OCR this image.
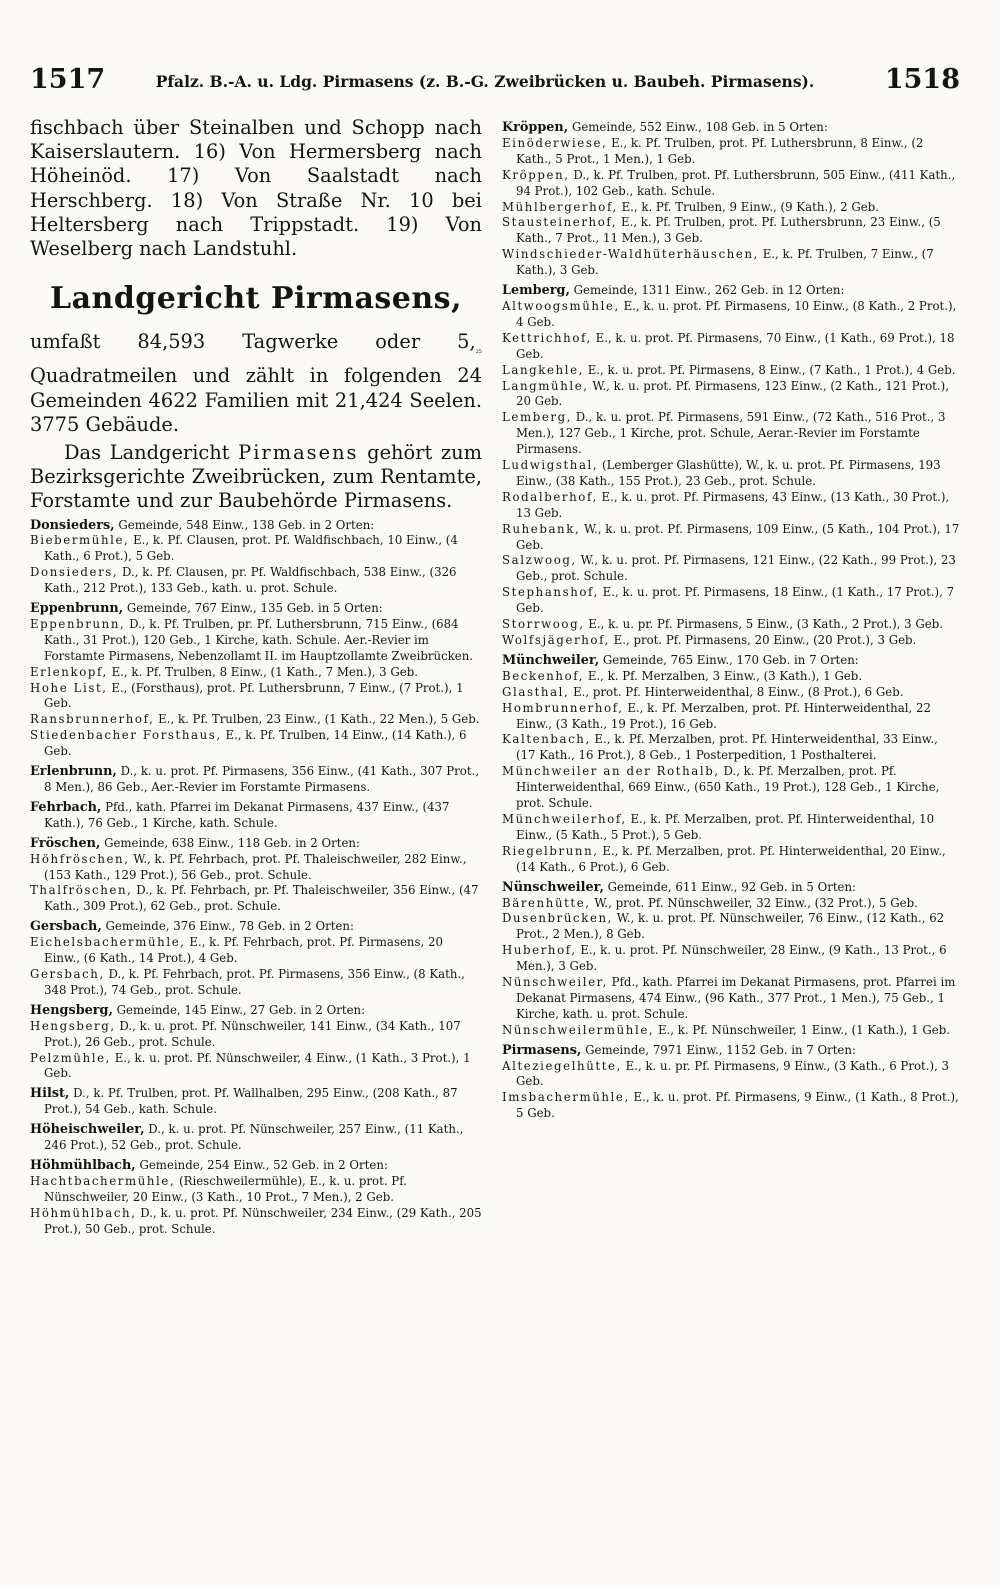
1517	Pfalz. B.-A. u. Ldg. Pirmasens (z. B.-G. Zweibrücken u. Baubeh. Pirmasens).	1518

fischbach über Steinalben und Schopp nach Kaiserslautern. 16) Von Hermersberg nach Höheinöd. 17) Von Saalstadt nach Herschberg. 18) Von Straße Nr. 10 bei Heltersberg nach Trippstadt. 19) Von Weselberg nach Landstuhl.

Landgericht Pirmasens,

umfaßt 84,593 Tagwerke oder $5,_{25}$ Quadratmeilen und zählt in folgenden 24 Gemeinden 4622 Familien mit 21,424 Seelen. 3775 Gebäude.

Das Landgericht Pirmasens gehört zum Bezirksgerichte Zweibrücken, zum Rentamte, Forstamte und zur Baubehörde Pirmasens.

Donsieders, Gemeinde, 548 Einw., 138 Geb. in 2 Orten:

Biebermühle, E., k. Pf. Clausen, prot. Pf. Waldfischbach, 10 Einw., (4 Kath., 6 Prot.), 5 Geb.

Donsieders, D., k. Pf. Clausen, pr. Pf. Waldfischbach, 538 Einw., (326 Kath., 212 Prot.), 133 Geb., kath. u. prot. Schule.

Eppenbrunn, Gemeinde, 767 Einw., 135 Geb. in 5 Orten:

Eppenbrunn, D., k. Pf. Trulben, pr. Pf. Luthersbrunn, 715 Einw., (684 Kath., 31 Prot.), 120 Geb., 1 Kirche, kath. Schule. Aer.-Revier im Forstamte Pirmasens, Nebenzollamt II. im Hauptzollamte Zweibrücken.

Erlenkopf, E., k. Pf. Trulben, 8 Einw., (1 Kath., 7 Men.), 3 Geb.

Hohe List, E., (Forsthaus), prot. Pf. Luthersbrunn, 7 Einw., (7 Prot.), 1 Geb.

Ransbrunnerhof, E., k. Pf. Trulben, 23 Einw., (1 Kath., 22 Men.), 5 Geb.

Stiedenbacher Forsthaus, E., k. Pf. Trulben, 14 Einw., (14 Kath.), 6 Geb.

Erlenbrunn, D., k. u. prot. Pf. Pirmasens, 356 Einw., (41 Kath., 307 Prot., 8 Men.), 86 Geb., Aer.-Revier im Forstamte Pirmasens.

Fehrbach, Pfd., kath. Pfarrei im Dekanat Pirmasens, 437 Einw., (437 Kath.), 76 Geb., 1 Kirche, kath. Schule.

Fröschen, Gemeinde, 638 Einw., 118 Geb. in 2 Orten:

Höhfröschen, W., k. Pf. Fehrbach, prot. Pf. Thaleischweiler, 282 Einw., (153 Kath., 129 Prot.), 56 Geb., prot. Schule.

Thalfröschen, D., k. Pf. Fehrbach, pr. Pf. Thaleischweiler, 356 Einw., (47 Kath., 309 Prot.), 62 Geb., prot. Schule.

Gersbach, Gemeinde, 376 Einw., 78 Geb. in 2 Orten:

Eichelsbachermühle, E., k. Pf. Fehrbach, prot. Pf. Pirmasens, 20 Einw., (6 Kath., 14 Prot.), 4 Geb.

Gersbach, D., k. Pf. Fehrbach, prot. Pf. Pirmasens, 356 Einw., (8 Kath., 348 Prot.), 74 Geb., prot. Schule.

Hengsberg, Gemeinde, 145 Einw., 27 Geb. in 2 Orten:

Hengsberg, D., k. u. prot. Pf. Nünschweiler, 141 Einw., (34 Kath., 107 Prot.), 26 Geb., prot. Schule.

Pelzmühle, E., k. u. prot. Pf. Nünschweiler, 4 Einw., (1 Kath., 3 Prot.), 1 Geb.

Hilst, D., k. Pf. Trulben, prot. Pf. Wallhalben, 295 Einw., (208 Kath., 87 Prot.), 54 Geb., kath. Schule.

Höheischweiler, D., k. u. prot. Pf. Nünschweiler, 257 Einw., (11 Kath., 246 Prot.), 52 Geb., prot. Schule.

Höhmühlbach, Gemeinde, 254 Einw., 52 Geb. in 2 Orten:

Hachtbachermühle, (Rieschweilermühle), E., k. u. prot. Pf. Nünschweiler, 20 Einw., (3 Kath., 10 Prot., 7 Men.), 2 Geb.

Höhmühlbach, D., k. u. prot. Pf. Nünschweiler, 234 Einw., (29 Kath., 205 Prot.), 50 Geb., prot. Schule.

Kröppen, Gemeinde, 552 Einw., 108 Geb. in 5 Orten:

Einöderwiese, E., k. Pf. Trulben, prot. Pf. Luthersbrunn, 8 Einw., (2 Kath., 5 Prot., 1 Men.), 1 Geb.

Kröppen, D., k. Pf. Trulben, prot. Pf. Luthersbrunn, 505 Einw., (411 Kath., 94 Prot.), 102 Geb., kath. Schule.

Mühlbergerhof, E., k. Pf. Trulben, 9 Einw., (9 Kath.), 2 Geb.

Stausteinerhof, E., k. Pf. Trulben, prot. Pf. Luthersbrunn, 23 Einw., (5 Kath., 7 Prot., 11 Men.), 3 Geb.

Windschieder-Waldhüterhäuschen, E., k. Pf. Trulben, 7 Einw., (7 Kath.), 3 Geb.

Lemberg, Gemeinde, 1311 Einw., 262 Geb. in 12 Orten:

Altwoogsmühle, E., k. u. prot. Pf. Pirmasens, 10 Einw., (8 Kath., 2 Prot.), 4 Geb.

Kettrichhof, E., k. u. prot. Pf. Pirmasens, 70 Einw., (1 Kath., 69 Prot.), 18 Geb.

Langkehle, E., k. u. prot. Pf. Pirmasens, 8 Einw., (7 Kath., 1 Prot.), 4 Geb.

Langmühle, W., k. u. prot. Pf. Pirmasens, 123 Einw., (2 Kath., 121 Prot.), 20 Geb.

Lemberg, D., k. u. prot. Pf. Pirmasens, 591 Einw., (72 Kath., 516 Prot., 3 Men.), 127 Geb., 1 Kirche, prot. Schule, Aerar.-Revier im Forstamte Pirmasens.

Ludwigsthal, (Lemberger Glashütte), W., k. u. prot. Pf. Pirmasens, 193 Einw., (38 Kath., 155 Prot.), 23 Geb., prot. Schule.

Rodalberhof, E., k. u. prot. Pf. Pirmasens, 43 Einw., (13 Kath., 30 Prot.), 13 Geb.

Ruhebank, W., k. u. prot. Pf. Pirmasens, 109 Einw., (5 Kath., 104 Prot.), 17 Geb.

Salzwoog, W., k. u. prot. Pf. Pirmasens, 121 Einw., (22 Kath., 99 Prot.), 23 Geb., prot. Schule.

Stephanshof, E., k. u. prot. Pf. Pirmasens, 18 Einw., (1 Kath., 17 Prot.), 7 Geb.

Storrwoog, E., k. u. pr. Pf. Pirmasens, 5 Einw., (3 Kath., 2 Prot.), 3 Geb.

Wolfsjägerhof, E., prot. Pf. Pirmasens, 20 Einw., (20 Prot.), 3 Geb.

Münchweiler, Gemeinde, 765 Einw., 170 Geb. in 7 Orten:

Beckenhof, E., k. Pf. Merzalben, 3 Einw., (3 Kath.), 1 Geb.

Glasthal, E., prot. Pf. Hinterweidenthal, 8 Einw., (8 Prot.), 6 Geb.

Hombrunnerhof, E., k. Pf. Merzalben, prot. Pf. Hinterweidenthal, 22 Einw., (3 Kath., 19 Prot.), 16 Geb.

Kaltenbach, E., k. Pf. Merzalben, prot. Pf. Hinterweidenthal, 33 Einw., (17 Kath., 16 Prot.), 8 Geb., 1 Posterpedition, 1 Posthalterei.

Münchweiler an der Rothalb, D., k. Pf. Merzalben, prot. Pf. Hinterweidenthal, 669 Einw., (650 Kath., 19 Prot.), 128 Geb., 1 Kirche, prot. Schule.

Münchweilerhof, E., k. Pf. Merzalben, prot. Pf. Hinterweidenthal, 10 Einw., (5 Kath., 5 Prot.), 5 Geb.

Riegelbrunn, E., k. Pf. Merzalben, prot. Pf. Hinterweidenthal, 20 Einw., (14 Kath., 6 Prot.), 6 Geb.

Nünschweiler, Gemeinde, 611 Einw., 92 Geb. in 5 Orten:

Bärenhütte, W., prot. Pf. Nünschweiler, 32 Einw., (32 Prot.), 5 Geb.

Dusenbrücken, W., k. u. prot. Pf. Nünschweiler, 76 Einw., (12 Kath., 62 Prot., 2 Men.), 8 Geb.

Huberhof, E., k. u. prot. Pf. Nünschweiler, 28 Einw., (9 Kath., 13 Prot., 6 Men.), 3 Geb.

Nünschweiler, Pfd., kath. Pfarrei im Dekanat Pirmasens, prot. Pfarrei im Dekanat Pirmasens, 474 Einw., (96 Kath., 377 Prot., 1 Men.), 75 Geb., 1 Kirche, kath. u. prot. Schule.

Nünschweilermühle, E., k. Pf. Nünschweiler, 1 Einw., (1 Kath.), 1 Geb.

Pirmasens, Gemeinde, 7971 Einw., 1152 Geb. in 7 Orten:

Alteziegelhütte, E., k. u. pr. Pf. Pirmasens, 9 Einw., (3 Kath., 6 Prot.), 3 Geb.

Imsbachermühle, E., k. u. prot. Pf. Pirmasens, 9 Einw., (1 Kath., 8 Prot.), 5 Geb.
